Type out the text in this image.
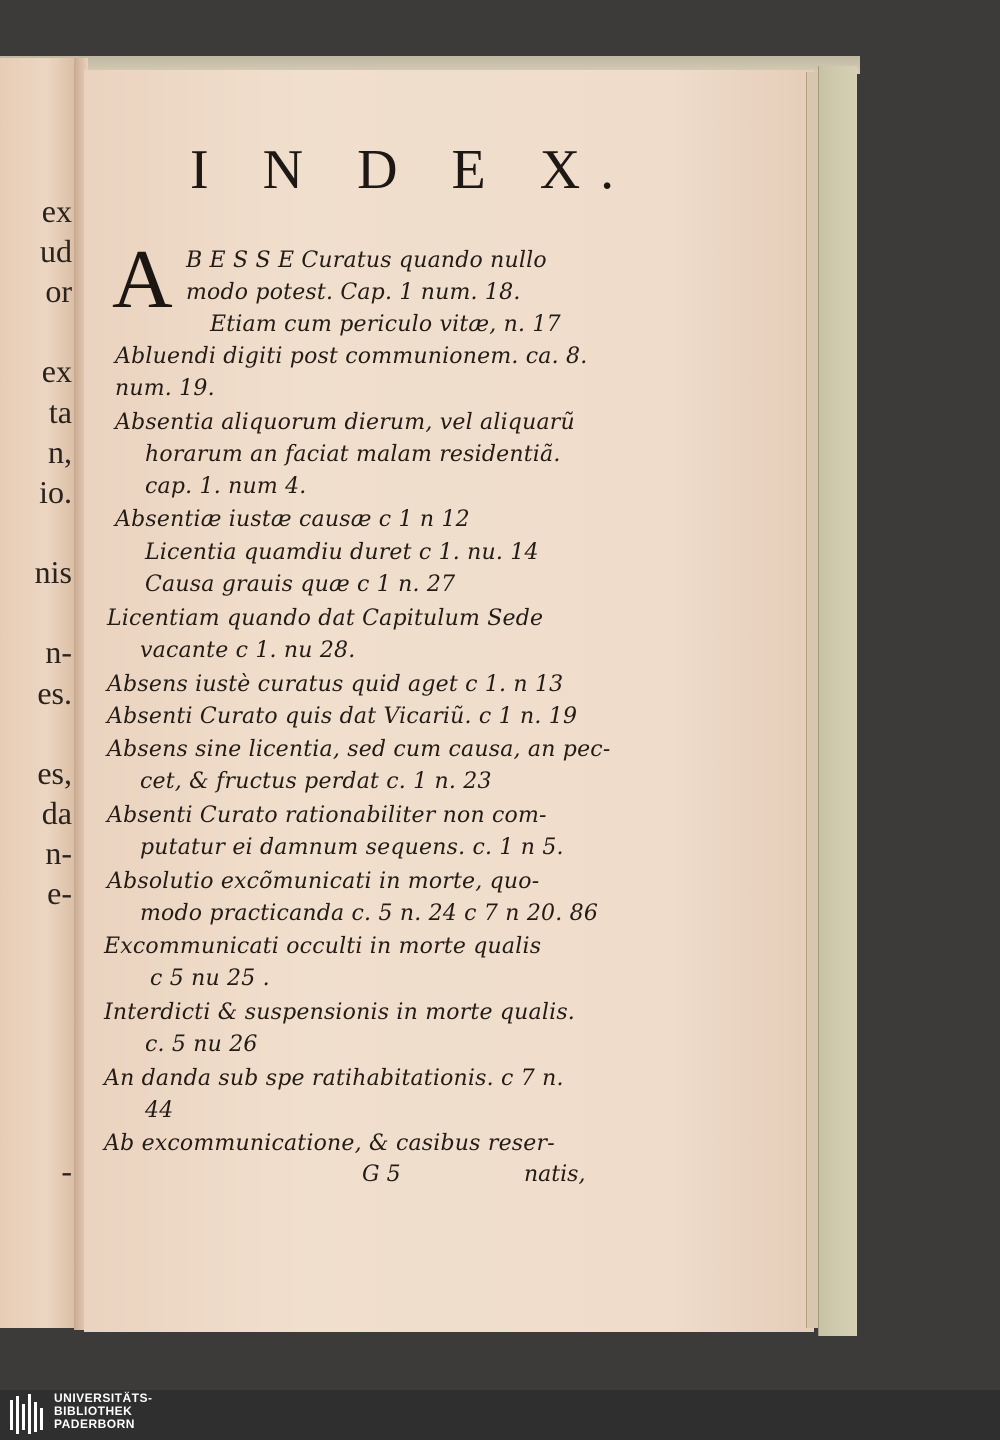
ex
ud
or
ex
ta
n,
io.
nis
n-
es.
es,
da
n-
e-
-
I N D E X.
A B E S S E Curatus quando nullo
modo potest. Cap. 1 num. 18.
Etiam cum periculo vitæ, n. 17
Abluendi digiti post communionem. ca. 8.
num. 19.
Absentia aliquorum dierum, vel aliquarũ
horarum an faciat malam residentiã.
cap. 1. num 4.
Absentiæ iustæ causæ c 1 n 12
Licentia quamdiu duret c 1. nu. 14
Causa grauis quæ c 1 n. 27
Licentiam quando dat Capitulum Sede
vacante c 1. nu 28.
Absens iustè curatus quid aget c 1. n 13
Absenti Curato quis dat Vicariũ. c 1 n. 19
Absens sine licentia, sed cum causa, an pec-
cet, & fructus perdat c. 1 n. 23
Absenti Curato rationabiliter non com-
putatur ei damnum sequens. c. 1 n 5.
Absolutio excõmunicati in morte, quo-
modo practicanda c. 5 n. 24 c 7 n 20. 86
Excommunicati occulti in morte qualis
c 5 nu 25 .
Interdicti & suspensionis in morte qualis.
c. 5 nu 26
An danda sub spe ratihabitationis. c 7 n.
44
Ab excommunicatione, & casibus reser-
G 5	natis,
UNIVERSITÄTS-
BIBLIOTHEK
PADERBORN
